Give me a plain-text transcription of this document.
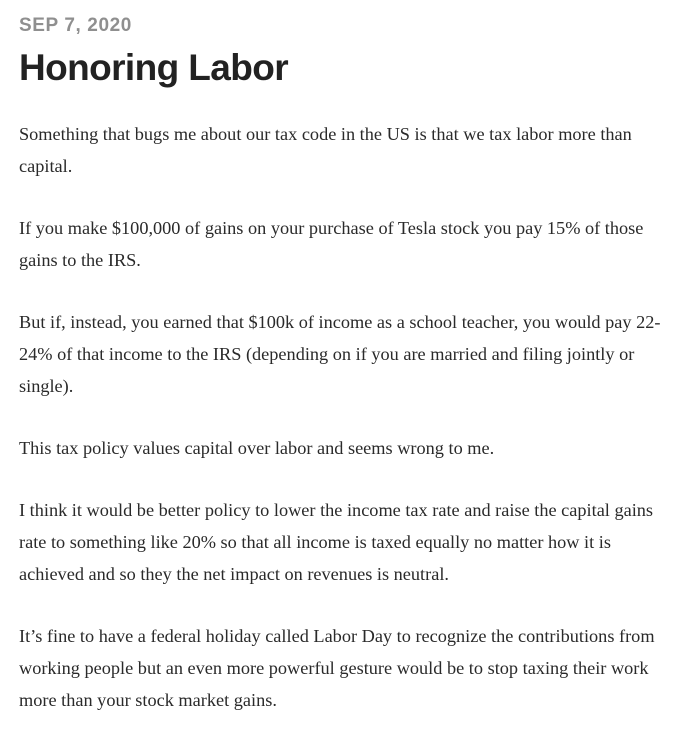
SEP 7, 2020
Honoring Labor

Something that bugs me about our tax code in the US is that we tax labor more than capital.

If you make $100,000 of gains on your purchase of Tesla stock you pay 15% of those gains to the IRS.

But if, instead, you earned that $100k of income as a school teacher, you would pay 22-24% of that income to the IRS (depending on if you are married and filing jointly or single).

This tax policy values capital over labor and seems wrong to me.

I think it would be better policy to lower the income tax rate and raise the capital gains rate to something like 20% so that all income is taxed equally no matter how it is achieved and so they the net impact on revenues is neutral.

It’s fine to have a federal holiday called Labor Day to recognize the contributions from working people but an even more powerful gesture would be to stop taxing their work more than your stock market gains.
